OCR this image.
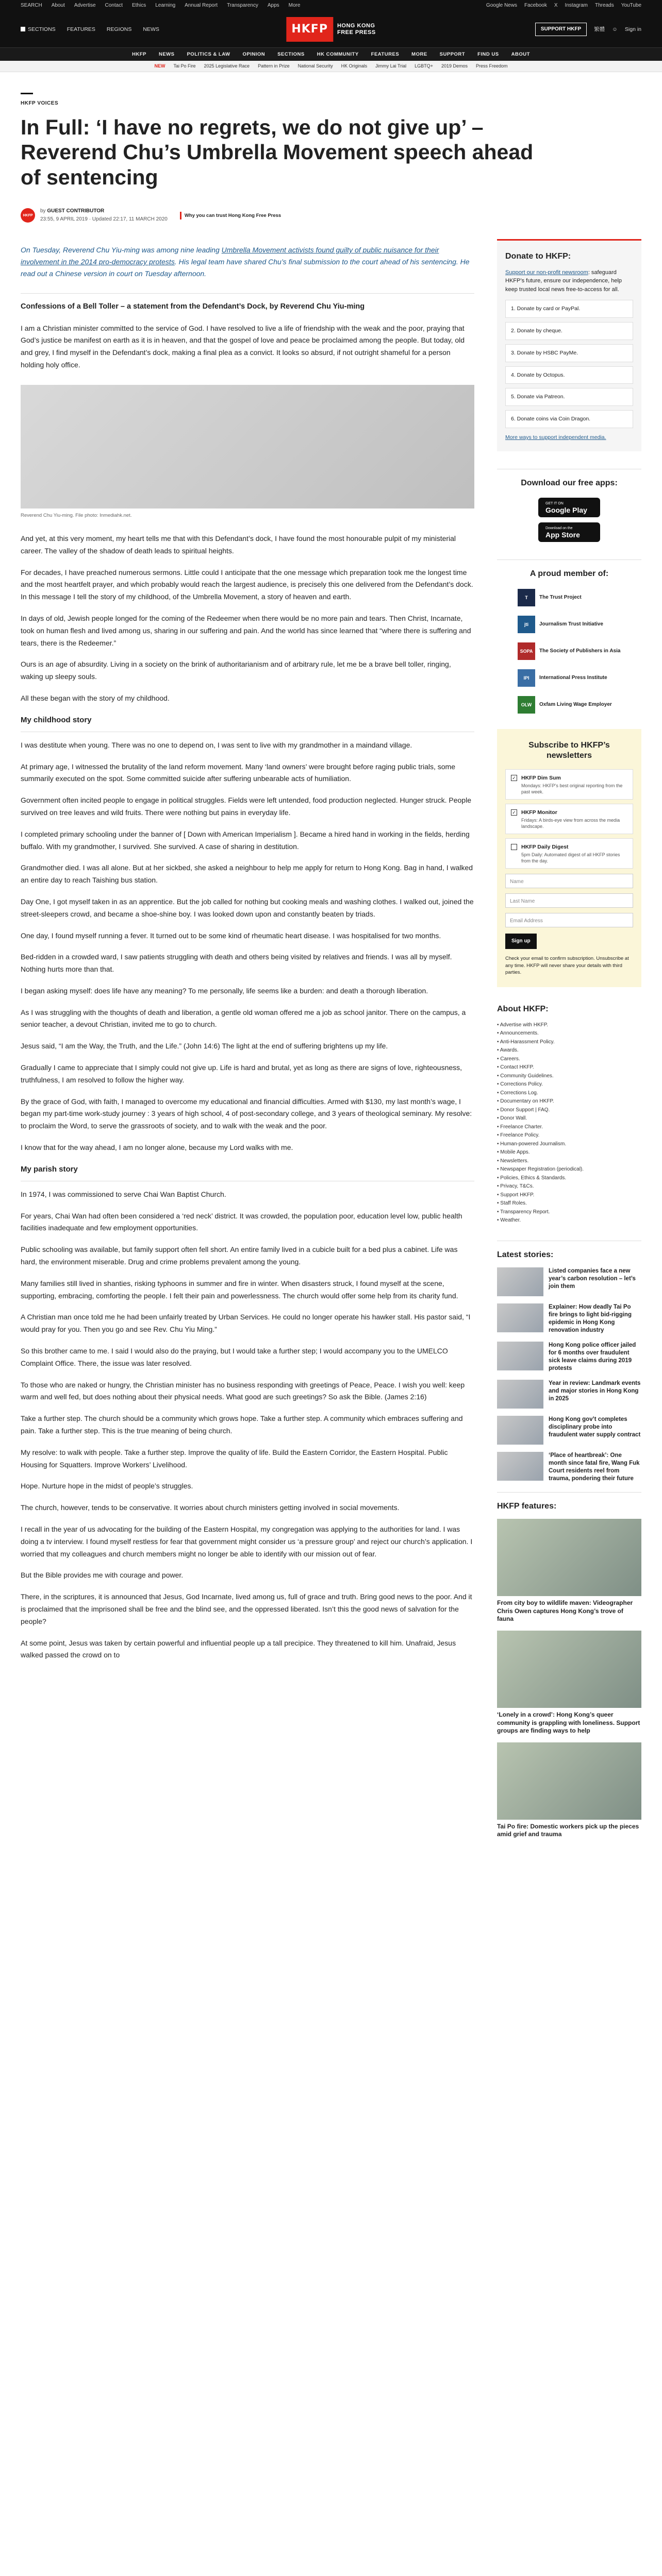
SEARCH About Advertise Contact Ethics Learning Annual Report Transparency Apps More	Google News Facebook X Instagram Threads YouTube
SECTIONS FEATURES REGIONS NEWS	HKFP	HONG KONG
FREE PRESS
SUPPORT HKFP	繁體 ☺ Sign in
HKFP	NEWS	POLITICS & LAW	OPINION	SECTIONS	HK COMMUNITY	FEATURES	MORE	SUPPORT	FIND US	ABOUT
NEW Tai Po Fire 2025 Legislative Race Pattern in Prize National Security HK Originals Jimmy Lai Trial LGBTQ+ 2019 Demos Press Freedom
HKFP VOICES
In Full: ‘I have no regrets, we do not give up’ – Reverend Chu’s Umbrella Movement speech ahead of sentencing
HKFP
by GUEST CONTRIBUTOR
23:55, 9 APRIL 2019 · Updated 22:17, 11 MARCH 2020
Why you can trust Hong Kong Free Press

On Tuesday, Reverend Chu Yiu-ming was among nine leading Umbrella Movement activists found guilty of public nuisance for their involvement in the 2014 pro-democracy protests. His legal team have shared Chu’s final submission to the court ahead of his sentencing. He read out a Chinese version in court on Tuesday afternoon.

Confessions of a Bell Toller – a statement from the Defendant’s Dock, by Reverend Chu Yiu-ming

I am a Christian minister committed to the service of God. I have resolved to live a life of friendship with the weak and the poor, praying that God’s justice be manifest on earth as it is in heaven, and that the gospel of love and peace be proclaimed among the people. But today, old and grey, I find myself in the Defendant’s dock, making a final plea as a convict. It looks so absurd, if not outright shameful for a person holding holy office.

Reverend Chu Yiu-ming. File photo: Inmediahk.net.

And yet, at this very moment, my heart tells me that with this Defendant’s dock, I have found the most honourable pulpit of my ministerial career. The valley of the shadow of death leads to spiritual heights.

For decades, I have preached numerous sermons. Little could I anticipate that the one message which preparation took me the longest time and the most heartfelt prayer, and which probably would reach the largest audience, is precisely this one delivered from the Defendant’s dock. In this message I tell the story of my childhood, of the Umbrella Movement, a story of heaven and earth.

In days of old, Jewish people longed for the coming of the Redeemer when there would be no more pain and tears. Then Christ, Incarnate, took on human flesh and lived among us, sharing in our suffering and pain. And the world has since learned that “where there is suffering and tears, there is the Redeemer.”

Ours is an age of absurdity. Living in a society on the brink of authoritarianism and of arbitrary rule, let me be a brave bell toller, ringing, waking up sleepy souls.

All these began with the story of my childhood.

My childhood story

I was destitute when young. There was no one to depend on, I was sent to live with my grandmother in a maindand village.

At primary age, I witnessed the brutality of the land reform movement. Many ‘land owners’ were brought before raging public trials, some summarily executed on the spot. Some committed suicide after suffering unbearable acts of humiliation.

Government often incited people to engage in political struggles. Fields were left untended, food production neglected. Hunger struck. People survived on tree leaves and wild fruits. There were nothing but pains in everyday life.

I completed primary schooling under the banner of [ Down with American Imperialism ]. Became a hired hand in working in the fields, herding buffalo. With my grandmother, I survived. She survived. A case of sharing in destitution.

Grandmother died. I was all alone. But at her sickbed, she asked a neighbour to help me apply for return to Hong Kong. Bag in hand, I walked an entire day to reach Taishing bus station.

Day One, I got myself taken in as an apprentice. But the job called for nothing but cooking meals and washing clothes. I walked out, joined the street-sleepers crowd, and became a shoe-shine boy. I was looked down upon and constantly beaten by triads.

One day, I found myself running a fever. It turned out to be some kind of rheumatic heart disease. I was hospitalised for two months.

Bed-ridden in a crowded ward, I saw patients struggling with death and others being visited by relatives and friends. I was all by myself. Nothing hurts more than that.

I began asking myself: does life have any meaning? To me personally, life seems like a burden: and death a thorough liberation.

As I was struggling with the thoughts of death and liberation, a gentle old woman offered me a job as school janitor. There on the campus, a senior teacher, a devout Christian, invited me to go to church.

Jesus said, “I am the Way, the Truth, and the Life.” (John 14:6) The light at the end of suffering brightens up my life.

Gradually I came to appreciate that I simply could not give up. Life is hard and brutal, yet as long as there are signs of love, righteousness, truthfulness, I am resolved to follow the higher way.

By the grace of God, with faith, I managed to overcome my educational and financial difficulties. Armed with $130, my last month’s wage, I began my part-time work-study journey : 3 years of high school, 4 of post-secondary college, and 3 years of theological seminary. My resolve: to proclaim the Word, to serve the grassroots of society, and to walk with the weak and the poor.

I know that for the way ahead, I am no longer alone, because my Lord walks with me.

My parish story

In 1974, I was commissioned to serve Chai Wan Baptist Church.

For years, Chai Wan had often been considered a ‘red neck’ district. It was crowded, the population poor, education level low, public health facilities inadequate and few employment opportunities.

Public schooling was available, but family support often fell short. An entire family lived in a cubicle built for a bed plus a cabinet. Life was hard, the environment miserable. Drug and crime problems prevalent among the young.

Many families still lived in shanties, risking typhoons in summer and fire in winter. When disasters struck, I found myself at the scene, supporting, embracing, comforting the people. I felt their pain and powerlessness. The church would offer some help from its charity fund.

A Christian man once told me he had been unfairly treated by Urban Services. He could no longer operate his hawker stall. His pastor said, “I would pray for you. Then you go and see Rev. Chu Yiu Ming.”

So this brother came to me. I said I would also do the praying, but I would take a further step; I would accompany you to the UMELCO Complaint Office. There, the issue was later resolved.

To those who are naked or hungry, the Christian minister has no business responding with greetings of Peace, Peace. I wish you well: keep warm and well fed, but does nothing about their physical needs. What good are such greetings? So ask the Bible. (James 2:16)

Take a further step. The church should be a community which grows hope. Take a further step. A community which embraces suffering and pain. Take a further step. This is the true meaning of being church.

My resolve: to walk with people. Take a further step. Improve the quality of life. Build the Eastern Corridor, the Eastern Hospital. Public Housing for Squatters. Improve Workers’ Livelihood.

Hope. Nurture hope in the midst of people’s struggles.

The church, however, tends to be conservative. It worries about church ministers getting involved in social movements.

I recall in the year of us advocating for the building of the Eastern Hospital, my congregation was applying to the authorities for land. I was doing a tv interview. I found myself restless for fear that government might consider us ‘a pressure group’ and reject our church’s application. I worried that my colleagues and church members might no longer be able to identify with our mission out of fear.

But the Bible provides me with courage and power.

There, in the scriptures, it is announced that Jesus, God Incarnate, lived among us, full of grace and truth. Bring good news to the poor. And it is proclaimed that the imprisoned shall be free and the blind see, and the oppressed liberated. Isn’t this the good news of salvation for the people?

At some point, Jesus was taken by certain powerful and influential people up a tall precipice. They threatened to kill him. Unafraid, Jesus walked passed the crowd on to

Donate to HKFP:

Support our non-profit newsroom: safeguard HKFP’s future, ensure our independence, help keep trusted local news free-to-access for all.

1. Donate by card or PayPal.
2. Donate by cheque.
3. Donate by HSBC PayMe.
4. Donate by Octopus.
5. Donate via Patreon.
6. Donate coins via Coin Dragon.
More ways to support independent media.
Download our free apps:
GET IT ON
Google Play
Download on the
App Store
A proud member of:
T	The Trust Project
jti	Journalism Trust Initiative
SOPA	The Society of Publishers in Asia
IPI	International Press Institute
OLW	Oxfam Living Wage Employer
Subscribe to HKFP’s newsletters
✓ HKFP Dim Sum
Mondays: HKFP’s best original reporting from the past week.
✓ HKFP Monitor
Fridays: A birds-eye view from across the media landscape.
HKFP Daily Digest
5pm Daily: Automated digest of all HKFP stories from the day.
Name
Last Name
Email Address
Sign up

Check your email to confirm subscription. Unsubscribe at any time. HKFP will never share your details with third parties.

About HKFP:
• Advertise with HKFP.
• Announcements.
• Anti-Harassment Policy.
• Awards.
• Careers.
• Contact HKFP.
• Community Guidelines.
• Corrections Policy.
• Corrections Log.
• Documentary on HKFP.
• Donor Support | FAQ.
• Donor Wall.
• Freelance Charter.
• Freelance Policy.
• Human-powered Journalism.
• Mobile Apps.
• Newsletters.
• Newspaper Registration (periodical).
• Policies, Ethics & Standards.
• Privacy, T&Cs.
• Support HKFP.
• Staff Roles.
• Transparency Report.
• Weather.
Latest stories:
Listed companies face a new year’s carbon resolution – let’s join them
Explainer: How deadly Tai Po fire brings to light bid-rigging epidemic in Hong Kong renovation industry
Hong Kong police officer jailed for 6 months over fraudulent sick leave claims during 2019 protests
Year in review: Landmark events and major stories in Hong Kong in 2025
Hong Kong gov’t completes disciplinary probe into fraudulent water supply contract
‘Place of heartbreak’: One month since fatal fire, Wang Fuk Court residents reel from trauma, pondering their future
HKFP features:
From city boy to wildlife maven: Videographer Chris Owen captures Hong Kong’s trove of fauna
‘Lonely in a crowd’: Hong Kong’s queer community is grappling with loneliness. Support groups are finding ways to help
Tai Po fire: Domestic workers pick up the pieces amid grief and trauma
